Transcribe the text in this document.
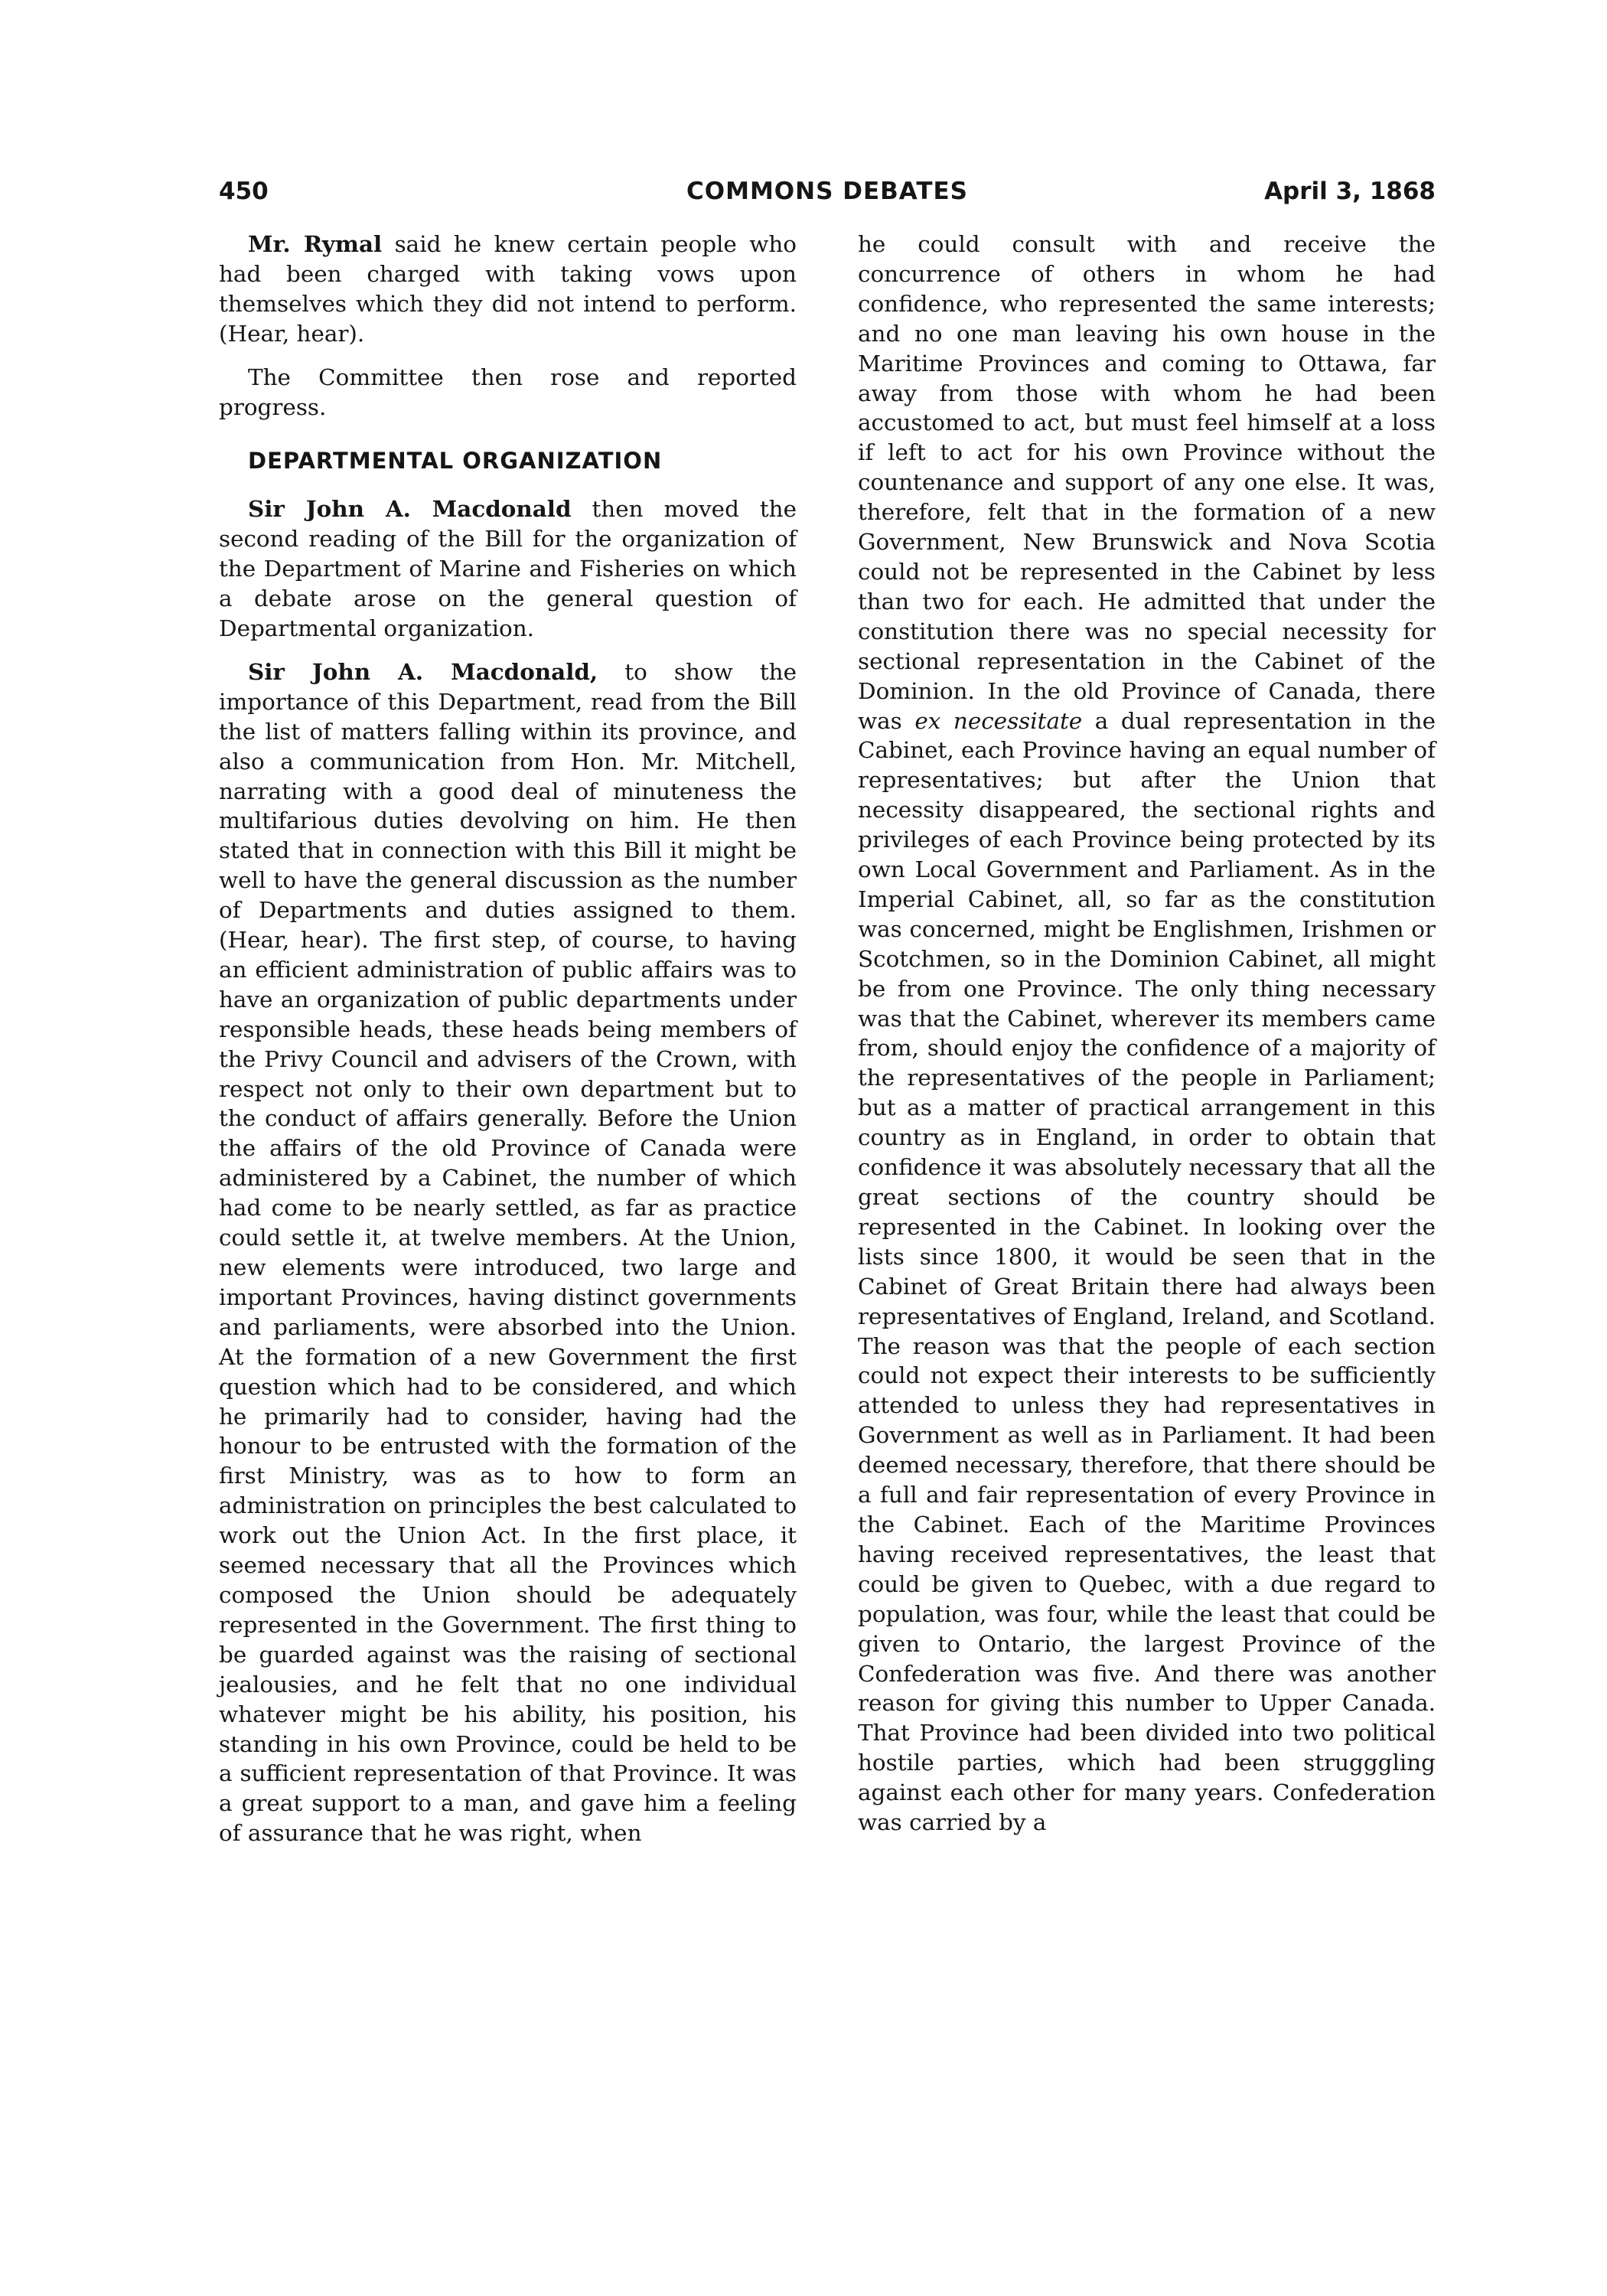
COMMONS DEBATES
450	April 3, 1868

Mr. Rymal said he knew certain people who had been charged with taking vows upon themselves which they did not intend to perform. (Hear, hear).

The Committee then rose and reported progress.

DEPARTMENTAL ORGANIZATION

Sir John A. Macdonald then moved the second reading of the Bill for the organization of the Department of Marine and Fisheries on which a debate arose on the general question of Departmental organization.

Sir John A. Macdonald, to show the importance of this Department, read from the Bill the list of matters falling within its province, and also a communication from Hon. Mr. Mitchell, narrating with a good deal of minuteness the multifarious duties devolving on him. He then stated that in connection with this Bill it might be well to have the general discussion as the number of Departments and duties assigned to them. (Hear, hear). The first step, of course, to having an efficient administration of public affairs was to have an organization of public departments under responsible heads, these heads being members of the Privy Council and advisers of the Crown, with respect not only to their own department but to the conduct of affairs generally. Before the Union the affairs of the old Province of Canada were administered by a Cabinet, the number of which had come to be nearly settled, as far as practice could settle it, at twelve members. At the Union, new elements were introduced, two large and important Provinces, having distinct governments and parliaments, were absorbed into the Union. At the formation of a new Government the first question which had to be considered, and which he primarily had to consider, having had the honour to be entrusted with the formation of the first Ministry, was as to how to form an administration on principles the best calculated to work out the Union Act. In the first place, it seemed necessary that all the Provinces which composed the Union should be adequately represented in the Government. The first thing to be guarded against was the raising of sectional jealousies, and he felt that no one individual whatever might be his ability, his position, his standing in his own Province, could be held to be a sufficient representation of that Province. It was a great support to a man, and gave him a feeling of assurance that he was right, when

he could consult with and receive the concurrence of others in whom he had confidence, who represented the same interests; and no one man leaving his own house in the Maritime Provinces and coming to Ottawa, far away from those with whom he had been accustomed to act, but must feel himself at a loss if left to act for his own Province without the countenance and support of any one else. It was, therefore, felt that in the formation of a new Government, New Brunswick and Nova Scotia could not be represented in the Cabinet by less than two for each. He admitted that under the constitution there was no special necessity for sectional representation in the Cabinet of the Dominion. In the old Province of Canada, there was ex necessitate a dual representation in the Cabinet, each Province having an equal number of representatives; but after the Union that necessity disappeared, the sectional rights and privileges of each Province being protected by its own Local Government and Parliament. As in the Imperial Cabinet, all, so far as the constitution was concerned, might be Englishmen, Irishmen or Scotchmen, so in the Dominion Cabinet, all might be from one Province. The only thing necessary was that the Cabinet, wherever its members came from, should enjoy the confidence of a majority of the representatives of the people in Parliament; but as a matter of practical arrangement in this country as in England, in order to obtain that confidence it was absolutely necessary that all the great sections of the country should be represented in the Cabinet. In looking over the lists since 1800, it would be seen that in the Cabinet of Great Britain there had always been representatives of England, Ireland, and Scotland. The reason was that the people of each section could not expect their interests to be sufficiently attended to unless they had representatives in Government as well as in Parliament. It had been deemed necessary, therefore, that there should be a full and fair representation of every Province in the Cabinet. Each of the Maritime Provinces having received representatives, the least that could be given to Quebec, with a due regard to population, was four, while the least that could be given to Ontario, the largest Province of the Confederation was five. And there was another reason for giving this number to Upper Canada. That Province had been divided into two political hostile parties, which had been strugggling against each other for many years. Confederation was carried by a
